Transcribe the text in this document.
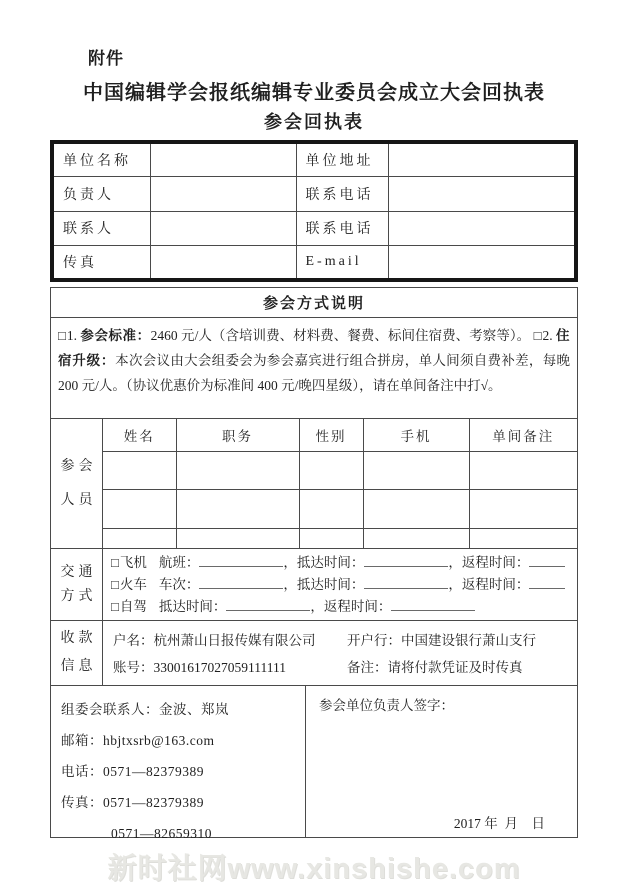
附件
中国编辑学会报纸编辑专业委员会成立大会回执表
参会回执表
单位名称		单位地址	
负责人		联系电话	
联系人		联系电话	
传真		E-mail	
参会方式说明
□1. 参会标准：2460 元/人（含培训费、材料费、餐费、标间住宿费、考察等）。 □2. 住宿升级：本次会议由大会组委会为参会嘉宾进行组合拼房，单人间须自费补差，每晚 200 元/人。（协议优惠价为标准间 400 元/晚四星级），请在单间备注中打√。
参会
人员
姓名	职务	性别	手机	单间备注

交通
方式
□飞机 航班：	，抵达时间：	，返程时间：
□火车 车次：	，抵达时间：	，返程时间：
□自驾 抵达时间：	，返程时间：
收款
信息
户名：杭州萧山日报传媒有限公司 开户行：中国建设银行萧山支行
账号：33001617027059111111	备注：请将付款凭证及时传真
组委会联系人：金波、郑岚
邮箱：hbjtxsrb@163.com
电话：0571—82379389
传真：0571—82379389
0571—82659310
参会单位负责人签字：
2017 年  月    日
新时社网www.xinshishe.com
